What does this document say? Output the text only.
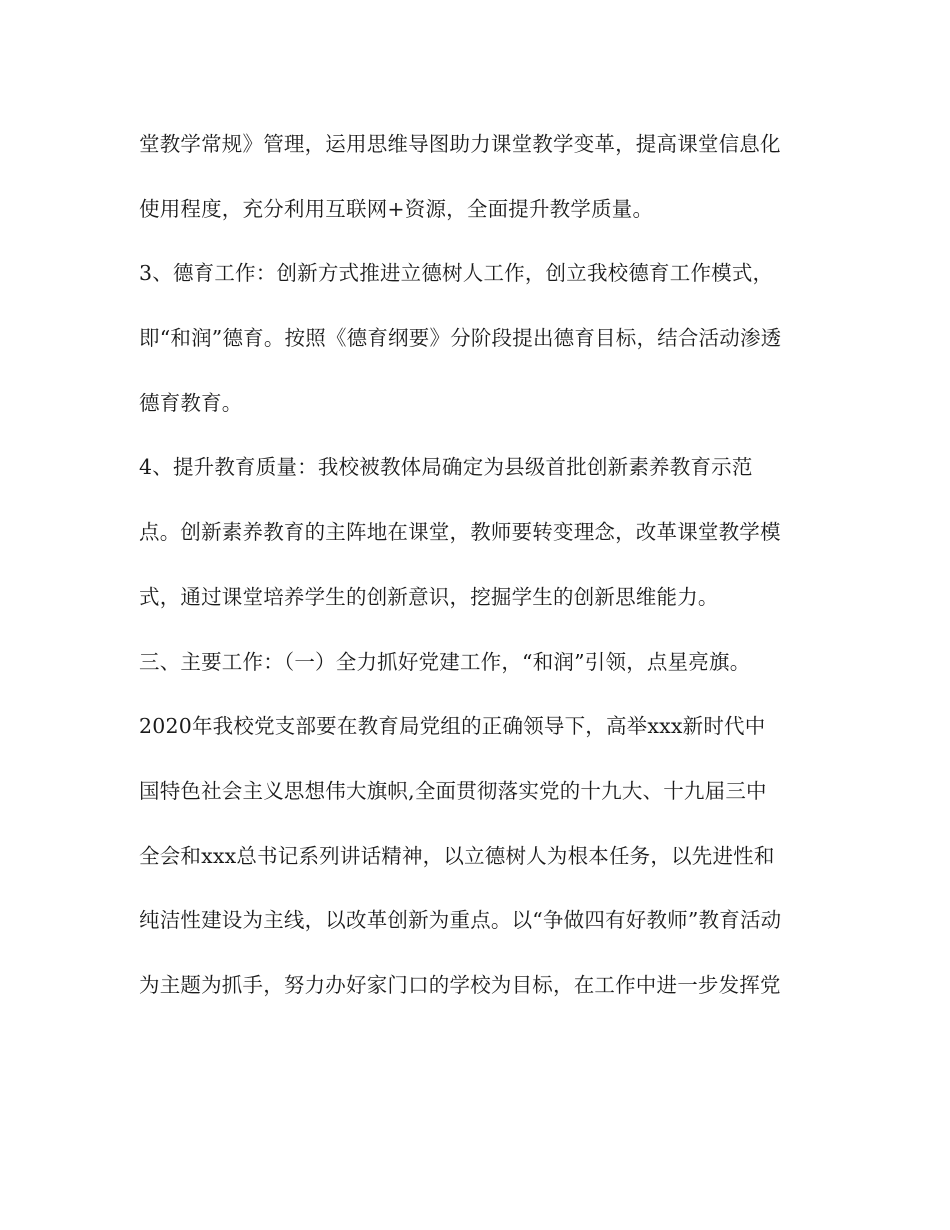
堂教学常规》管理，运用思维导图助力课堂教学变革，提高课堂信息化
使用程度，充分利用互联网+资源，全面提升教学质量。
3、德育工作：创新方式推进立德树人工作，创立我校德育工作模式，
即“和润”德育。按照《德育纲要》分阶段提出德育目标，结合活动渗透
德育教育。
4、提升教育质量：我校被教体局确定为县级首批创新素养教育示范
点。创新素养教育的主阵地在课堂，教师要转变理念，改革课堂教学模
式，通过课堂培养学生的创新意识，挖掘学生的创新思维能力。
三、主要工作：（一）全力抓好党建工作，“和润”引领，点星亮旗。
2020年我校党支部要在教育局党组的正确领导下，高举xxx新时代中
国特色社会主义思想伟大旗帜,全面贯彻落实党的十九大、十九届三中
全会和xxx总书记系列讲话精神，以立德树人为根本任务，以先进性和
纯洁性建设为主线，以改革创新为重点。以“争做四有好教师”教育活动
为主题为抓手，努力办好家门口的学校为目标，在工作中进一步发挥党
